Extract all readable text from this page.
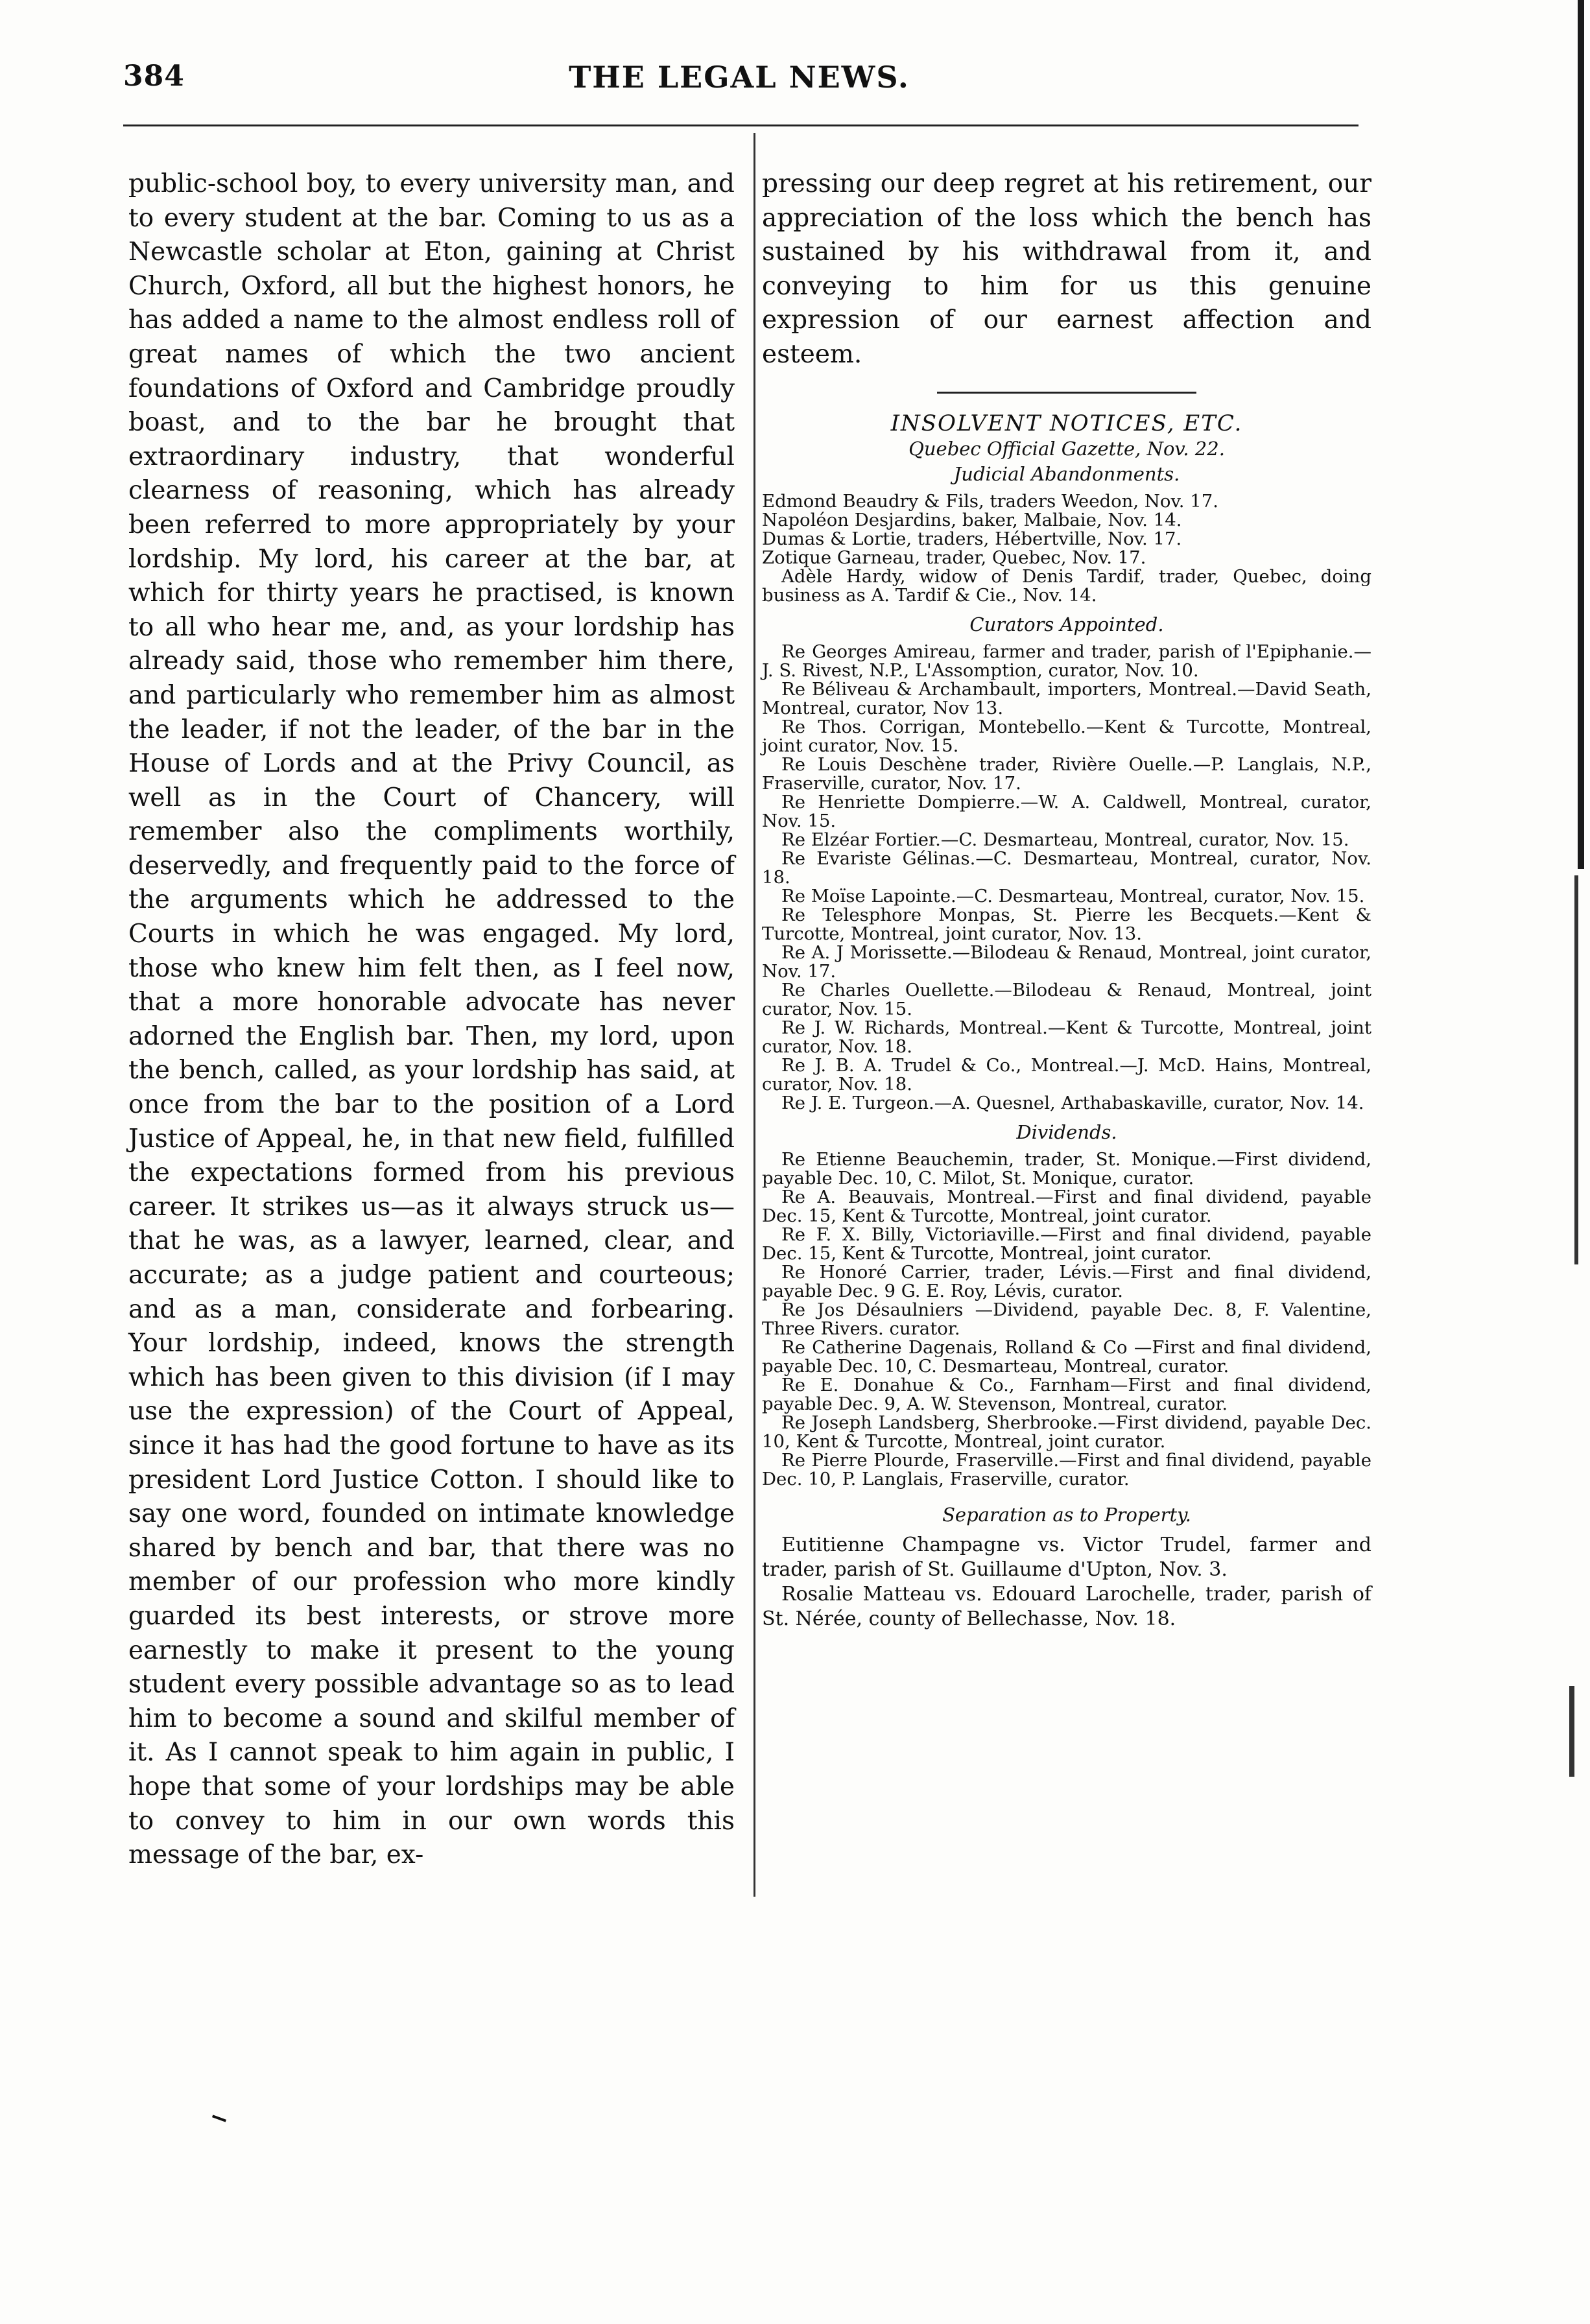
384	THE LEGAL NEWS.

public-school boy, to every university man, and to every student at the bar. Coming to us as a Newcastle scholar at Eton, gaining at Christ Church, Oxford, all but the highest honors, he has added a name to the almost endless roll of great names of which the two ancient foundations of Oxford and Cambridge proudly boast, and to the bar he brought that extraordinary industry, that wonderful clearness of reasoning, which has already been referred to more appropriately by your lordship. My lord, his career at the bar, at which for thirty years he practised, is known to all who hear me, and, as your lordship has already said, those who remember him there, and particularly who remember him as almost the leader, if not the leader, of the bar in the House of Lords and at the Privy Council, as well as in the Court of Chancery, will remember also the compliments worthily, deservedly, and frequently paid to the force of the arguments which he addressed to the Courts in which he was engaged. My lord, those who knew him felt then, as I feel now, that a more honorable advocate has never adorned the English bar. Then, my lord, upon the bench, called, as your lordship has said, at once from the bar to the position of a Lord Justice of Appeal, he, in that new field, fulfilled the expectations formed from his previous career. It strikes us—as it always struck us—that he was, as a lawyer, learned, clear, and accurate; as a judge patient and courteous; and as a man, considerate and forbearing. Your lordship, indeed, knows the strength which has been given to this division (if I may use the expression) of the Court of Appeal, since it has had the good fortune to have as its president Lord Justice Cotton. I should like to say one word, founded on intimate knowledge shared by bench and bar, that there was no member of our profession who more kindly guarded its best interests, or strove more earnestly to make it present to the young student every possible advantage so as to lead him to become a sound and skilful member of it. As I cannot speak to him again in public, I hope that some of your lordships may be able to convey to him in our own words this message of the bar, ex-

pressing our deep regret at his retirement, our appreciation of the loss which the bench has sustained by his withdrawal from it, and conveying to him for us this genuine expression of our earnest affection and esteem.

INSOLVENT NOTICES, ETC.
Quebec Official Gazette, Nov. 22.
Judicial Abandonments.

Edmond Beaudry & Fils, traders Weedon, Nov. 17.

Napoléon Desjardins, baker, Malbaie, Nov. 14.

Dumas & Lortie, traders, Hébertville, Nov. 17.

Zotique Garneau, trader, Quebec, Nov. 17.

Adèle Hardy, widow of Denis Tardif, trader, Quebec, doing business as A. Tardif & Cie., Nov. 14.

Curators Appointed.

Re Georges Amireau, farmer and trader, parish of l'Epiphanie.—J. S. Rivest, N.P., L'Assomption, curator, Nov. 10.

Re Béliveau & Archambault, importers, Montreal.—David Seath, Montreal, curator, Nov 13.

Re Thos. Corrigan, Montebello.—Kent & Turcotte, Montreal, joint curator, Nov. 15.

Re Louis Deschène trader, Rivière Ouelle.—P. Langlais, N.P., Fraserville, curator, Nov. 17.

Re Henriette Dompierre.—W. A. Caldwell, Montreal, curator, Nov. 15.

Re Elzéar Fortier.—C. Desmarteau, Montreal, curator, Nov. 15.

Re Evariste Gélinas.—C. Desmarteau, Montreal, curator, Nov. 18.

Re Moïse Lapointe.—C. Desmarteau, Montreal, curator, Nov. 15.

Re Telesphore Monpas, St. Pierre les Becquets.—Kent & Turcotte, Montreal, joint curator, Nov. 13.

Re A. J Morissette.—Bilodeau & Renaud, Montreal, joint curator, Nov. 17.

Re Charles Ouellette.—Bilodeau & Renaud, Montreal, joint curator, Nov. 15.

Re J. W. Richards, Montreal.—Kent & Turcotte, Montreal, joint curator, Nov. 18.

Re J. B. A. Trudel & Co., Montreal.—J. McD. Hains, Montreal, curator, Nov. 18.

Re J. E. Turgeon.—A. Quesnel, Arthabaskaville, curator, Nov. 14.

Dividends.

Re Etienne Beauchemin, trader, St. Monique.—First dividend, payable Dec. 10, C. Milot, St. Monique, curator.

Re A. Beauvais, Montreal.—First and final dividend, payable Dec. 15, Kent & Turcotte, Montreal, joint curator.

Re F. X. Billy, Victoriaville.—First and final dividend, payable Dec. 15, Kent & Turcotte, Montreal, joint curator.

Re Honoré Carrier, trader, Lévis.—First and final dividend, payable Dec. 9 G. E. Roy, Lévis, curator.

Re Jos Désaulniers —Dividend, payable Dec. 8, F. Valentine, Three Rivers. curator.

Re Catherine Dagenais, Rolland & Co —First and final dividend, payable Dec. 10, C. Desmarteau, Montreal, curator.

Re E. Donahue & Co., Farnham—First and final dividend, payable Dec. 9, A. W. Stevenson, Montreal, curator.

Re Joseph Landsberg, Sherbrooke.—First dividend, payable Dec. 10, Kent & Turcotte, Montreal, joint curator.

Re Pierre Plourde, Fraserville.—First and final dividend, payable Dec. 10, P. Langlais, Fraserville, curator.

Separation as to Property.

Eutitienne Champagne vs. Victor Trudel, farmer and trader, parish of St. Guillaume d'Upton, Nov. 3.

Rosalie Matteau vs. Edouard Larochelle, trader, parish of St. Nérée, county of Bellechasse, Nov. 18.
